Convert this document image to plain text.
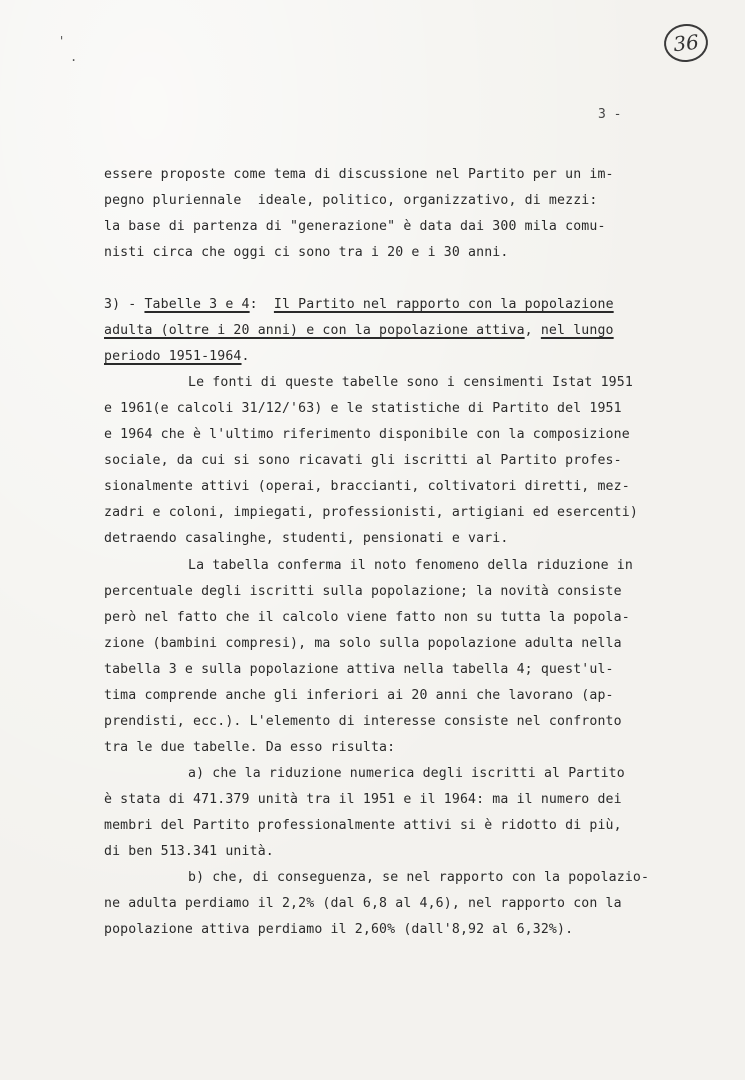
'
.
36
3 -
essere proposte come tema di discussione nel Partito per un im-
pegno pluriennale  ideale, politico, organizzativo, di mezzi:
la base di partenza di "generazione" è data dai 300 mila comu-
nisti circa che oggi ci sono tra i 20 e i 30 anni.
3) - Tabelle 3 e 4:  Il Partito nel rapporto con la popolazione
adulta (oltre i 20 anni) e con la popolazione attiva, nel lungo
periodo 1951-1964.
Le fonti di queste tabelle sono i censimenti Istat 1951
e 1961(e calcoli 31/12/'63) e le statistiche di Partito del 1951
e 1964 che è l'ultimo riferimento disponibile con la composizione
sociale, da cui si sono ricavati gli iscritti al Partito profes-
sionalmente attivi (operai, braccianti, coltivatori diretti, mez-
zadri e coloni, impiegati, professionisti, artigiani ed esercenti)
detraendo casalinghe, studenti, pensionati e vari.
La tabella conferma il noto fenomeno della riduzione in
percentuale degli iscritti sulla popolazione; la novità consiste
però nel fatto che il calcolo viene fatto non su tutta la popola-
zione (bambini compresi), ma solo sulla popolazione adulta nella
tabella 3 e sulla popolazione attiva nella tabella 4; quest'ul-
tima comprende anche gli inferiori ai 20 anni che lavorano (ap-
prendisti, ecc.). L'elemento di interesse consiste nel confronto
tra le due tabelle. Da esso risulta:
a) che la riduzione numerica degli iscritti al Partito
è stata di 471.379 unità tra il 1951 e il 1964: ma il numero dei
membri del Partito professionalmente attivi si è ridotto di più,
di ben 513.341 unità.
b) che, di conseguenza, se nel rapporto con la popolazio-
ne adulta perdiamo il 2,2% (dal 6,8 al 4,6), nel rapporto con la
popolazione attiva perdiamo il 2,60% (dall'8,92 al 6,32%).
